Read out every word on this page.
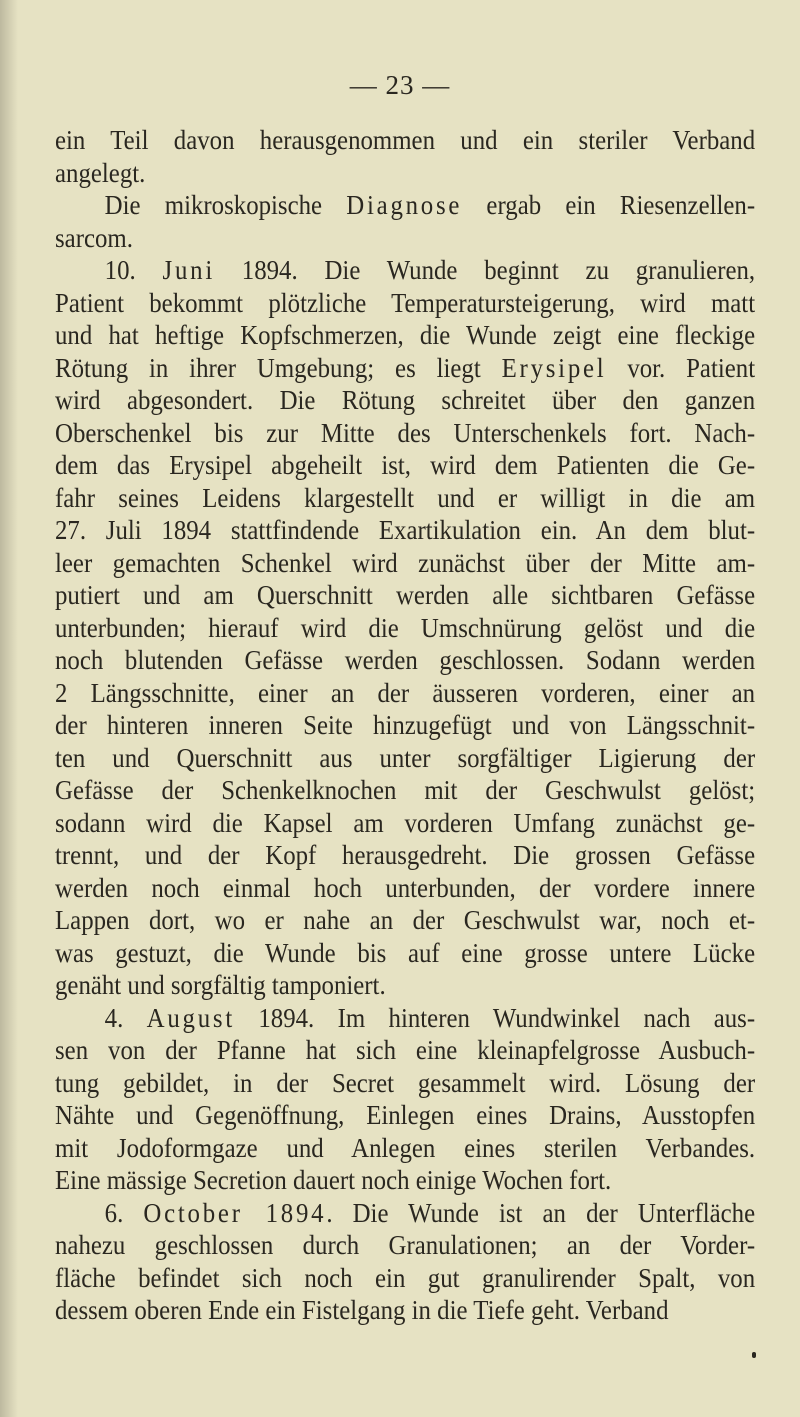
— 23 —
ein Teil davon herausgenommen und ein steriler Verband
angelegt.
Die mikroskopische Diagnose ergab ein Riesenzellen-
sarcom.
10. Juni 1894. Die Wunde beginnt zu granulieren,
Patient bekommt plötzliche Temperatursteigerung, wird matt
und hat heftige Kopfschmerzen, die Wunde zeigt eine fleckige
Rötung in ihrer Umgebung; es liegt Erysipel vor. Patient
wird abgesondert. Die Rötung schreitet über den ganzen
Oberschenkel bis zur Mitte des Unterschenkels fort. Nach-
dem das Erysipel abgeheilt ist, wird dem Patienten die Ge-
fahr seines Leidens klargestellt und er willigt in die am
27. Juli 1894 stattfindende Exartikulation ein. An dem blut-
leer gemachten Schenkel wird zunächst über der Mitte am-
putiert und am Querschnitt werden alle sichtbaren Gefässe
unterbunden; hierauf wird die Umschnürung gelöst und die
noch blutenden Gefässe werden geschlossen. Sodann werden
2 Längsschnitte, einer an der äusseren vorderen, einer an
der hinteren inneren Seite hinzugefügt und von Längsschnit-
ten und Querschnitt aus unter sorgfältiger Ligierung der
Gefässe der Schenkelknochen mit der Geschwulst gelöst;
sodann wird die Kapsel am vorderen Umfang zunächst ge-
trennt, und der Kopf herausgedreht. Die grossen Gefässe
werden noch einmal hoch unterbunden, der vordere innere
Lappen dort, wo er nahe an der Geschwulst war, noch et-
was gestuzt, die Wunde bis auf eine grosse untere Lücke
genäht und sorgfältig tamponiert.
4. August 1894. Im hinteren Wundwinkel nach aus-
sen von der Pfanne hat sich eine kleinapfelgrosse Ausbuch-
tung gebildet, in der Secret gesammelt wird. Lösung der
Nähte und Gegenöffnung, Einlegen eines Drains, Ausstopfen
mit Jodoformgaze und Anlegen eines sterilen Verbandes.
Eine mässige Secretion dauert noch einige Wochen fort.
6. October 1894. Die Wunde ist an der Unterfläche
nahezu geschlossen durch Granulationen; an der Vorder-
fläche befindet sich noch ein gut granulirender Spalt, von
dessem oberen Ende ein Fistelgang in die Tiefe geht. Verband
